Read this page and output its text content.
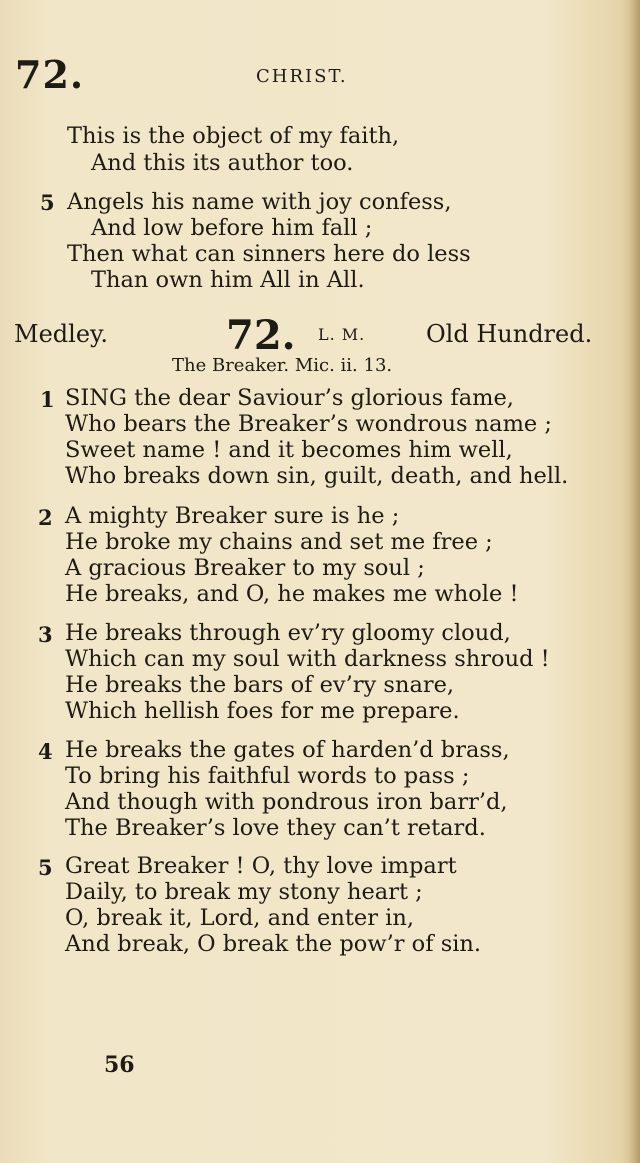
72.	CHRIST.
This is the object of my faith,
And this its author too.
5 Angels his name with joy confess,
And low before him fall ;
Then what can sinners here do less
Than own him All in All.
Medley.	72. L. M.	Old Hundred.
The Breaker. Mic. ii. 13.
1 SING the dear Saviour’s glorious fame,
Who bears the Breaker’s wondrous name ;
Sweet name ! and it becomes him well,
Who breaks down sin, guilt, death, and hell.
2 A mighty Breaker sure is he ;
He broke my chains and set me free ;
A gracious Breaker to my soul ;
He breaks, and O, he makes me whole !
3 He breaks through ev’ry gloomy cloud,
Which can my soul with darkness shroud !
He breaks the bars of ev’ry snare,
Which hellish foes for me prepare.
4 He breaks the gates of harden’d brass,
To bring his faithful words to pass ;
And though with pondrous iron barr’d,
The Breaker’s love they can’t retard.
5 Great Breaker ! O, thy love impart
Daily, to break my stony heart ;
O, break it, Lord, and enter in,
And break, O break the pow’r of sin.
56
